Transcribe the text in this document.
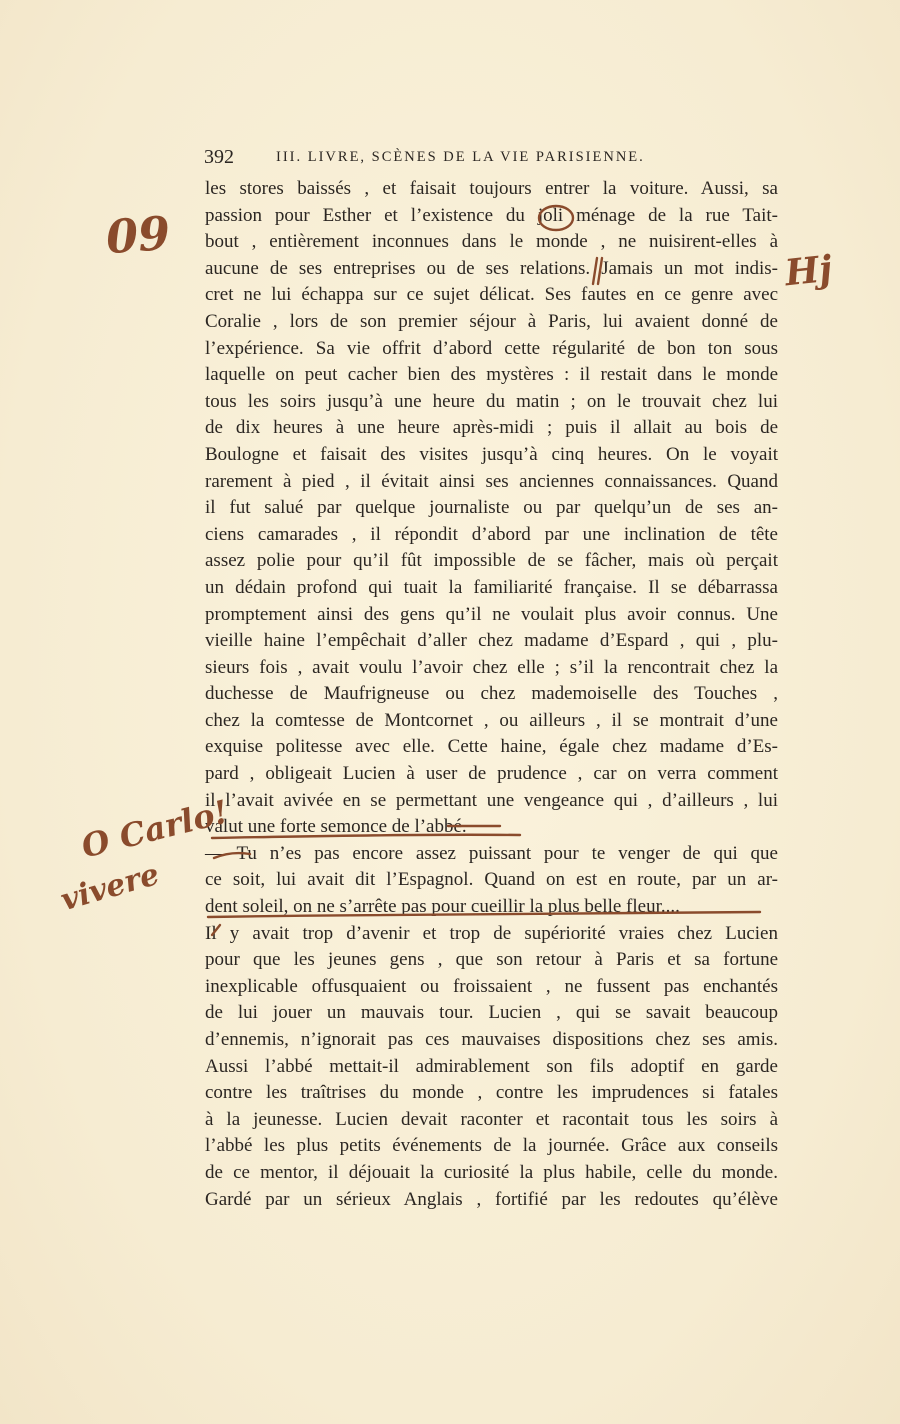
392	III. LIVRE, SCÈNES DE LA VIE PARISIENNE.
les stores baissés , et faisait toujours entrer la voiture. Aussi, sa
passion pour Esther et l’existence du joli ménage de la rue Tait-
bout , entièrement inconnues dans le monde , ne nuisirent-elles à
aucune de ses entreprises ou de ses relations. Jamais un mot indis-
cret ne lui échappa sur ce sujet délicat. Ses fautes en ce genre avec
Coralie , lors de son premier séjour à Paris, lui avaient donné de
l’expérience. Sa vie offrit d’abord cette régularité de bon ton sous
laquelle on peut cacher bien des mystères : il restait dans le monde
tous les soirs jusqu’à une heure du matin ; on le trouvait chez lui
de dix heures à une heure après-midi ; puis il allait au bois de
Boulogne et faisait des visites jusqu’à cinq heures. On le voyait
rarement à pied , il évitait ainsi ses anciennes connaissances. Quand
il fut salué par quelque journaliste ou par quelqu’un de ses an-
ciens camarades , il répondit d’abord par une inclination de tête
assez polie pour qu’il fût impossible de se fâcher, mais où perçait
un dédain profond qui tuait la familiarité française. Il se débarrassa
promptement ainsi des gens qu’il ne voulait plus avoir connus. Une
vieille haine l’empêchait d’aller chez madame d’Espard , qui , plu-
sieurs fois , avait voulu l’avoir chez elle ; s’il la rencontrait chez la
duchesse de Maufrigneuse ou chez mademoiselle des Touches ,
chez la comtesse de Montcornet , ou ailleurs , il se montrait d’une
exquise politesse avec elle. Cette haine, égale chez madame d’Es-
pard , obligeait Lucien à user de prudence , car on verra comment
il l’avait avivée en se permettant une vengeance qui , d’ailleurs , lui
valut une forte semonce de l’abbé.
— Tu n’es pas encore assez puissant pour te venger de qui que
ce soit, lui avait dit l’Espagnol. Quand on est en route, par un ar-
dent soleil, on ne s’arrête pas pour cueillir la plus belle fleur....
Il y avait trop d’avenir et trop de supériorité vraies chez Lucien
pour que les jeunes gens , que son retour à Paris et sa fortune
inexplicable offusquaient ou froissaient , ne fussent pas enchantés
de lui jouer un mauvais tour. Lucien , qui se savait beaucoup
d’ennemis, n’ignorait pas ces mauvaises dispositions chez ses amis.
Aussi l’abbé mettait-il admirablement son fils adoptif en garde
contre les traîtrises du monde , contre les imprudences si fatales
à la jeunesse. Lucien devait raconter et racontait tous les soirs à
l’abbé les plus petits événements de la journée. Grâce aux conseils
de ce mentor, il déjouait la curiosité la plus habile, celle du monde.
Gardé par un sérieux Anglais , fortifié par les redoutes qu’élève
09
Hj
O Carlo!
vivere
